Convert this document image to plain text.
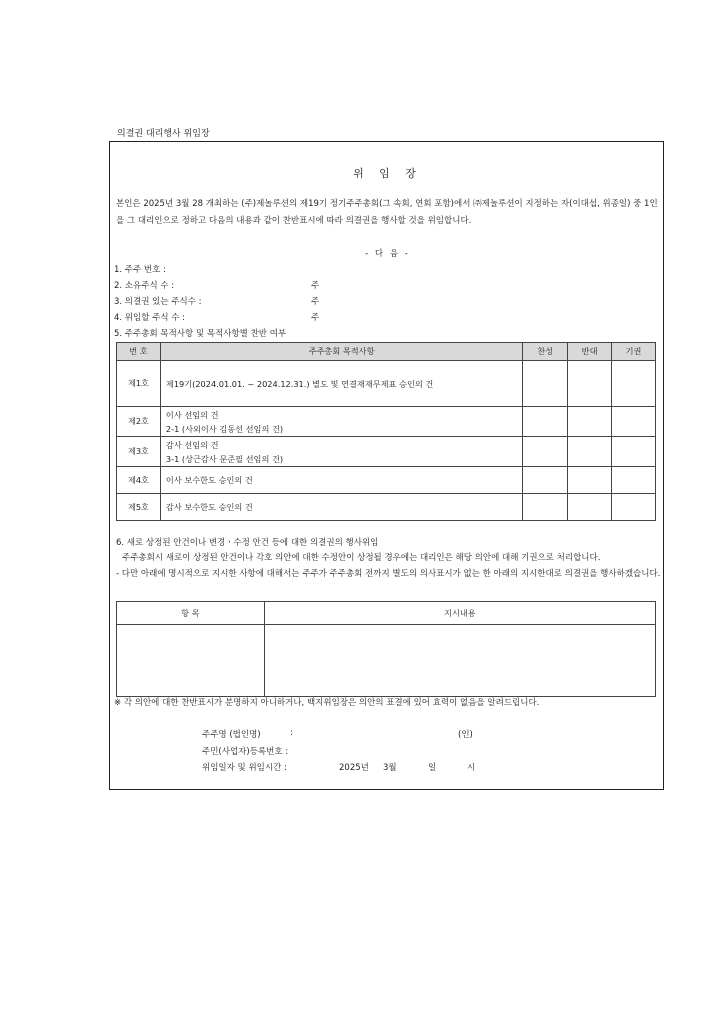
의결권 대리행사 위임장
위 임 장
본인은 2025년 3월 28 개최하는 (주)제놀루션의 제19기 정기주주총회(그 속회, 연회 포함)에서 ㈜제놀루션이 지정하는 자(이대섭, 위종일) 중 1인을 그 대리인으로 정하고 다음의 내용과 같이 찬반표시에 따라 의결권을 행사할 것을 위임합니다.
- 다 음 -
1. 주주 번호 :
2. 소유주식 수 :	주
3. 의결권 있는 주식수 :	주
4. 위임할 주식 수 :	주
5. 주주총회 목적사항 및 목적사항별 찬반 여부
번 호	주주총회 목적사항	찬성	반대	기권
제1호	제19기(2024.01.01. ~ 2024.12.31.) 별도 및 연결재재무제표 승인의 건			

제2호	이사 선임의 건
2-1 (사외이사 김동선 선임의 건)			

제3호	감사 선임의 건
3-1 (상근감사 문준필 선임의 건)			

제4호	이사 보수한도 승인의 건			

제5호	감사 보수한도 승인의 건			

6. 새로 상정된 안건이나 변경ㆍ수정 안건 등에 대한 의결권의 행사위임
주주총회시 새로이 상정된 안건이나 각호 의안에 대한 수정안이 상정될 경우에는 대리인은 해당 의안에 대해 기권으로 처리합니다.
- 다만 아래에 명시적으로 지시한 사항에 대해서는 주주가 주주총회 전까지 별도의 의사표시가 없는 한 아래의 지시한대로 의결권을 행사하겠습니다.
항 목	지시내용

※ 각 의안에 대한 찬반표시가 분명하지 아니하거나, 백지위임장은 의안의 표결에 있어 효력이 없음을 알려드립니다.
주주명 (법인명)	:	(인)
주민(사업자)등록번호 :
위임일자 및 위임시간 :	2025년 3월	일	시
